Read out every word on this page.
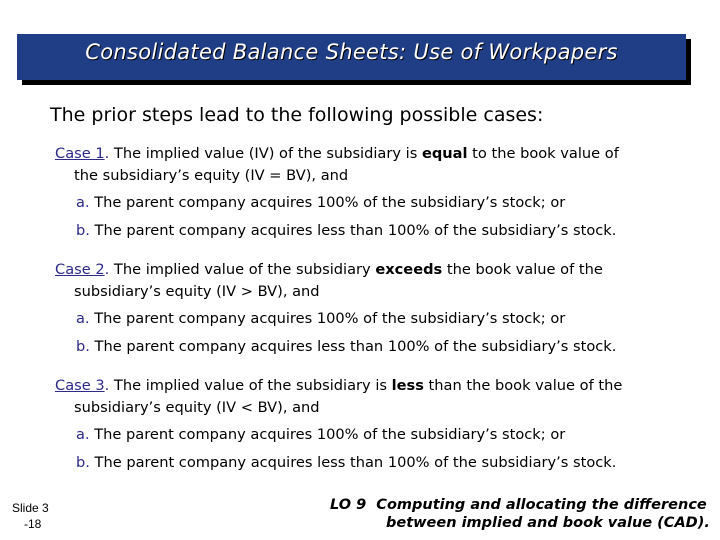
Consolidated Balance Sheets: Use of Workpapers
The prior steps lead to the following possible cases:
Case 1. The implied value (IV) of the subsidiary is equal to the book value of
the subsidiary’s equity (IV = BV), and
a. The parent company acquires 100% of the subsidiary’s stock; or
b. The parent company acquires less than 100% of the subsidiary’s stock.
Case 2. The implied value of the subsidiary exceeds the book value of the
subsidiary’s equity (IV > BV), and
a. The parent company acquires 100% of the subsidiary’s stock; or
b. The parent company acquires less than 100% of the subsidiary’s stock.
Case 3. The implied value of the subsidiary is less than the book value of the
subsidiary’s equity (IV < BV), and
a. The parent company acquires 100% of the subsidiary’s stock; or
b. The parent company acquires less than 100% of the subsidiary’s stock.
Slide 3
-18
LO 9 Computing and allocating the difference
between implied and book value (CAD).
